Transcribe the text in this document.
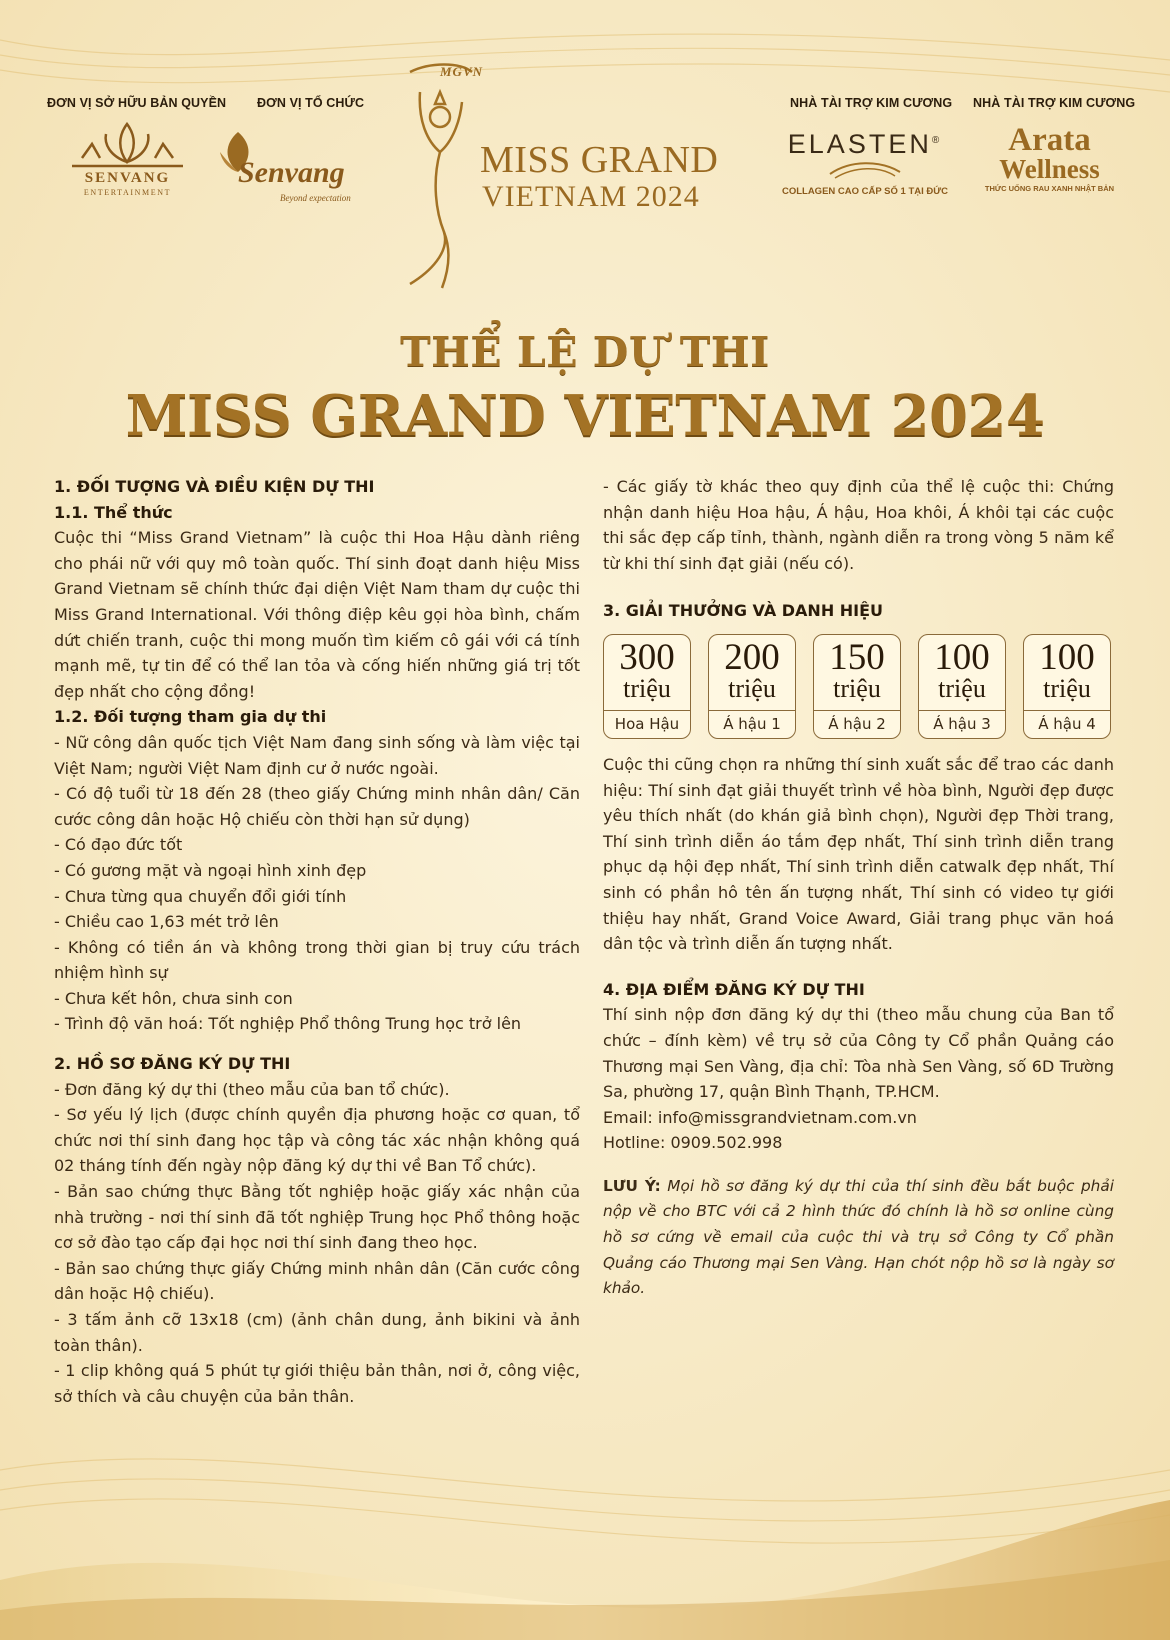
ĐƠN VỊ SỞ HỮU BẢN QUYỀN ĐƠN VỊ TỔ CHỨC	NHÀ TÀI TRỢ KIM CƯƠNG NHÀ TÀI TRỢ KIM CƯƠNG
SENVANG
ENTERTAINMENT
Senvang
Beyond expectation
MGVN
MISS GRAND
VIETNAM 2024
ELASTEN®
COLLAGEN CAO CẤP SỐ 1 TẠI ĐỨC
Arata
Wellness
THỨC UỐNG RAU XANH NHẬT BẢN
THỂ LỆ DỰ THI
MISS GRAND VIETNAM 2024

1. ĐỐI TƯỢNG VÀ ĐIỀU KIỆN DỰ THI

1.1. Thể thức

Cuộc thi “Miss Grand Vietnam” là cuộc thi Hoa Hậu dành riêng cho phái nữ với quy mô toàn quốc. Thí sinh đoạt danh hiệu Miss Grand Vietnam sẽ chính thức đại diện Việt Nam tham dự cuộc thi Miss Grand International. Với thông điệp kêu gọi hòa bình, chấm dứt chiến tranh, cuộc thi mong muốn tìm kiếm cô gái với cá tính mạnh mẽ, tự tin để có thể lan tỏa và cống hiến những giá trị tốt đẹp nhất cho cộng đồng!

1.2. Đối tượng tham gia dự thi

- Nữ công dân quốc tịch Việt Nam đang sinh sống và làm việc tại Việt Nam; người Việt Nam định cư ở nước ngoài.

- Có độ tuổi từ 18 đến 28 (theo giấy Chứng minh nhân dân/ Căn cước công dân hoặc Hộ chiếu còn thời hạn sử dụng)

- Có đạo đức tốt

- Có gương mặt và ngoại hình xinh đẹp

- Chưa từng qua chuyển đổi giới tính

- Chiều cao 1,63 mét trở lên

- Không có tiền án và không trong thời gian bị truy cứu trách nhiệm hình sự

- Chưa kết hôn, chưa sinh con

- Trình độ văn hoá: Tốt nghiệp Phổ thông Trung học trở lên

2. HỒ SƠ ĐĂNG KÝ DỰ THI

- Đơn đăng ký dự thi (theo mẫu của ban tổ chức).

- Sơ yếu lý lịch (được chính quyền địa phương hoặc cơ quan, tổ chức nơi thí sinh đang học tập và công tác xác nhận không quá 02 tháng tính đến ngày nộp đăng ký dự thi về Ban Tổ chức).

- Bản sao chứng thực Bằng tốt nghiệp hoặc giấy xác nhận của nhà trường - nơi thí sinh đã tốt nghiệp Trung học Phổ thông hoặc cơ sở đào tạo cấp đại học nơi thí sinh đang theo học.

- Bản sao chứng thực giấy Chứng minh nhân dân (Căn cước công dân hoặc Hộ chiếu).

- 3 tấm ảnh cỡ 13x18 (cm) (ảnh chân dung, ảnh bikini và ảnh toàn thân).

- 1 clip không quá 5 phút tự giới thiệu bản thân, nơi ở, công việc, sở thích và câu chuyện của bản thân.

- Các giấy tờ khác theo quy định của thể lệ cuộc thi: Chứng nhận danh hiệu Hoa hậu, Á hậu, Hoa khôi, Á khôi tại các cuộc thi sắc đẹp cấp tỉnh, thành, ngành diễn ra trong vòng 5 năm kể từ khi thí sinh đạt giải (nếu có).

3. GIẢI THƯỞNG VÀ DANH HIỆU

300
triệu
Hoa Hậu
200
triệu
Á hậu 1
150
triệu
Á hậu 2
100
triệu
Á hậu 3
100
triệu
Á hậu 4

Cuộc thi cũng chọn ra những thí sinh xuất sắc để trao các danh hiệu: Thí sinh đạt giải thuyết trình về hòa bình, Người đẹp được yêu thích nhất (do khán giả bình chọn), Người đẹp Thời trang, Thí sinh trình diễn áo tắm đẹp nhất, Thí sinh trình diễn trang phục dạ hội đẹp nhất, Thí sinh trình diễn catwalk đẹp nhất, Thí sinh có phần hô tên ấn tượng nhất, Thí sinh có video tự giới thiệu hay nhất, Grand Voice Award, Giải trang phục văn hoá dân tộc và trình diễn ấn tượng nhất.

4. ĐỊA ĐIỂM ĐĂNG KÝ DỰ THI

Thí sinh nộp đơn đăng ký dự thi (theo mẫu chung của Ban tổ chức – đính kèm) về trụ sở của Công ty Cổ phần Quảng cáo Thương mại Sen Vàng, địa chỉ: Tòa nhà Sen Vàng, số 6D Trường Sa, phường 17, quận Bình Thạnh, TP.HCM.

Email: info@missgrandvietnam.com.vn

Hotline: 0909.502.998

LƯU Ý: Mọi hồ sơ đăng ký dự thi của thí sinh đều bắt buộc phải nộp về cho BTC với cả 2 hình thức đó chính là hồ sơ online cùng hồ sơ cứng về email của cuộc thi và trụ sở Công ty Cổ phần Quảng cáo Thương mại Sen Vàng. Hạn chót nộp hồ sơ là ngày sơ khảo.
